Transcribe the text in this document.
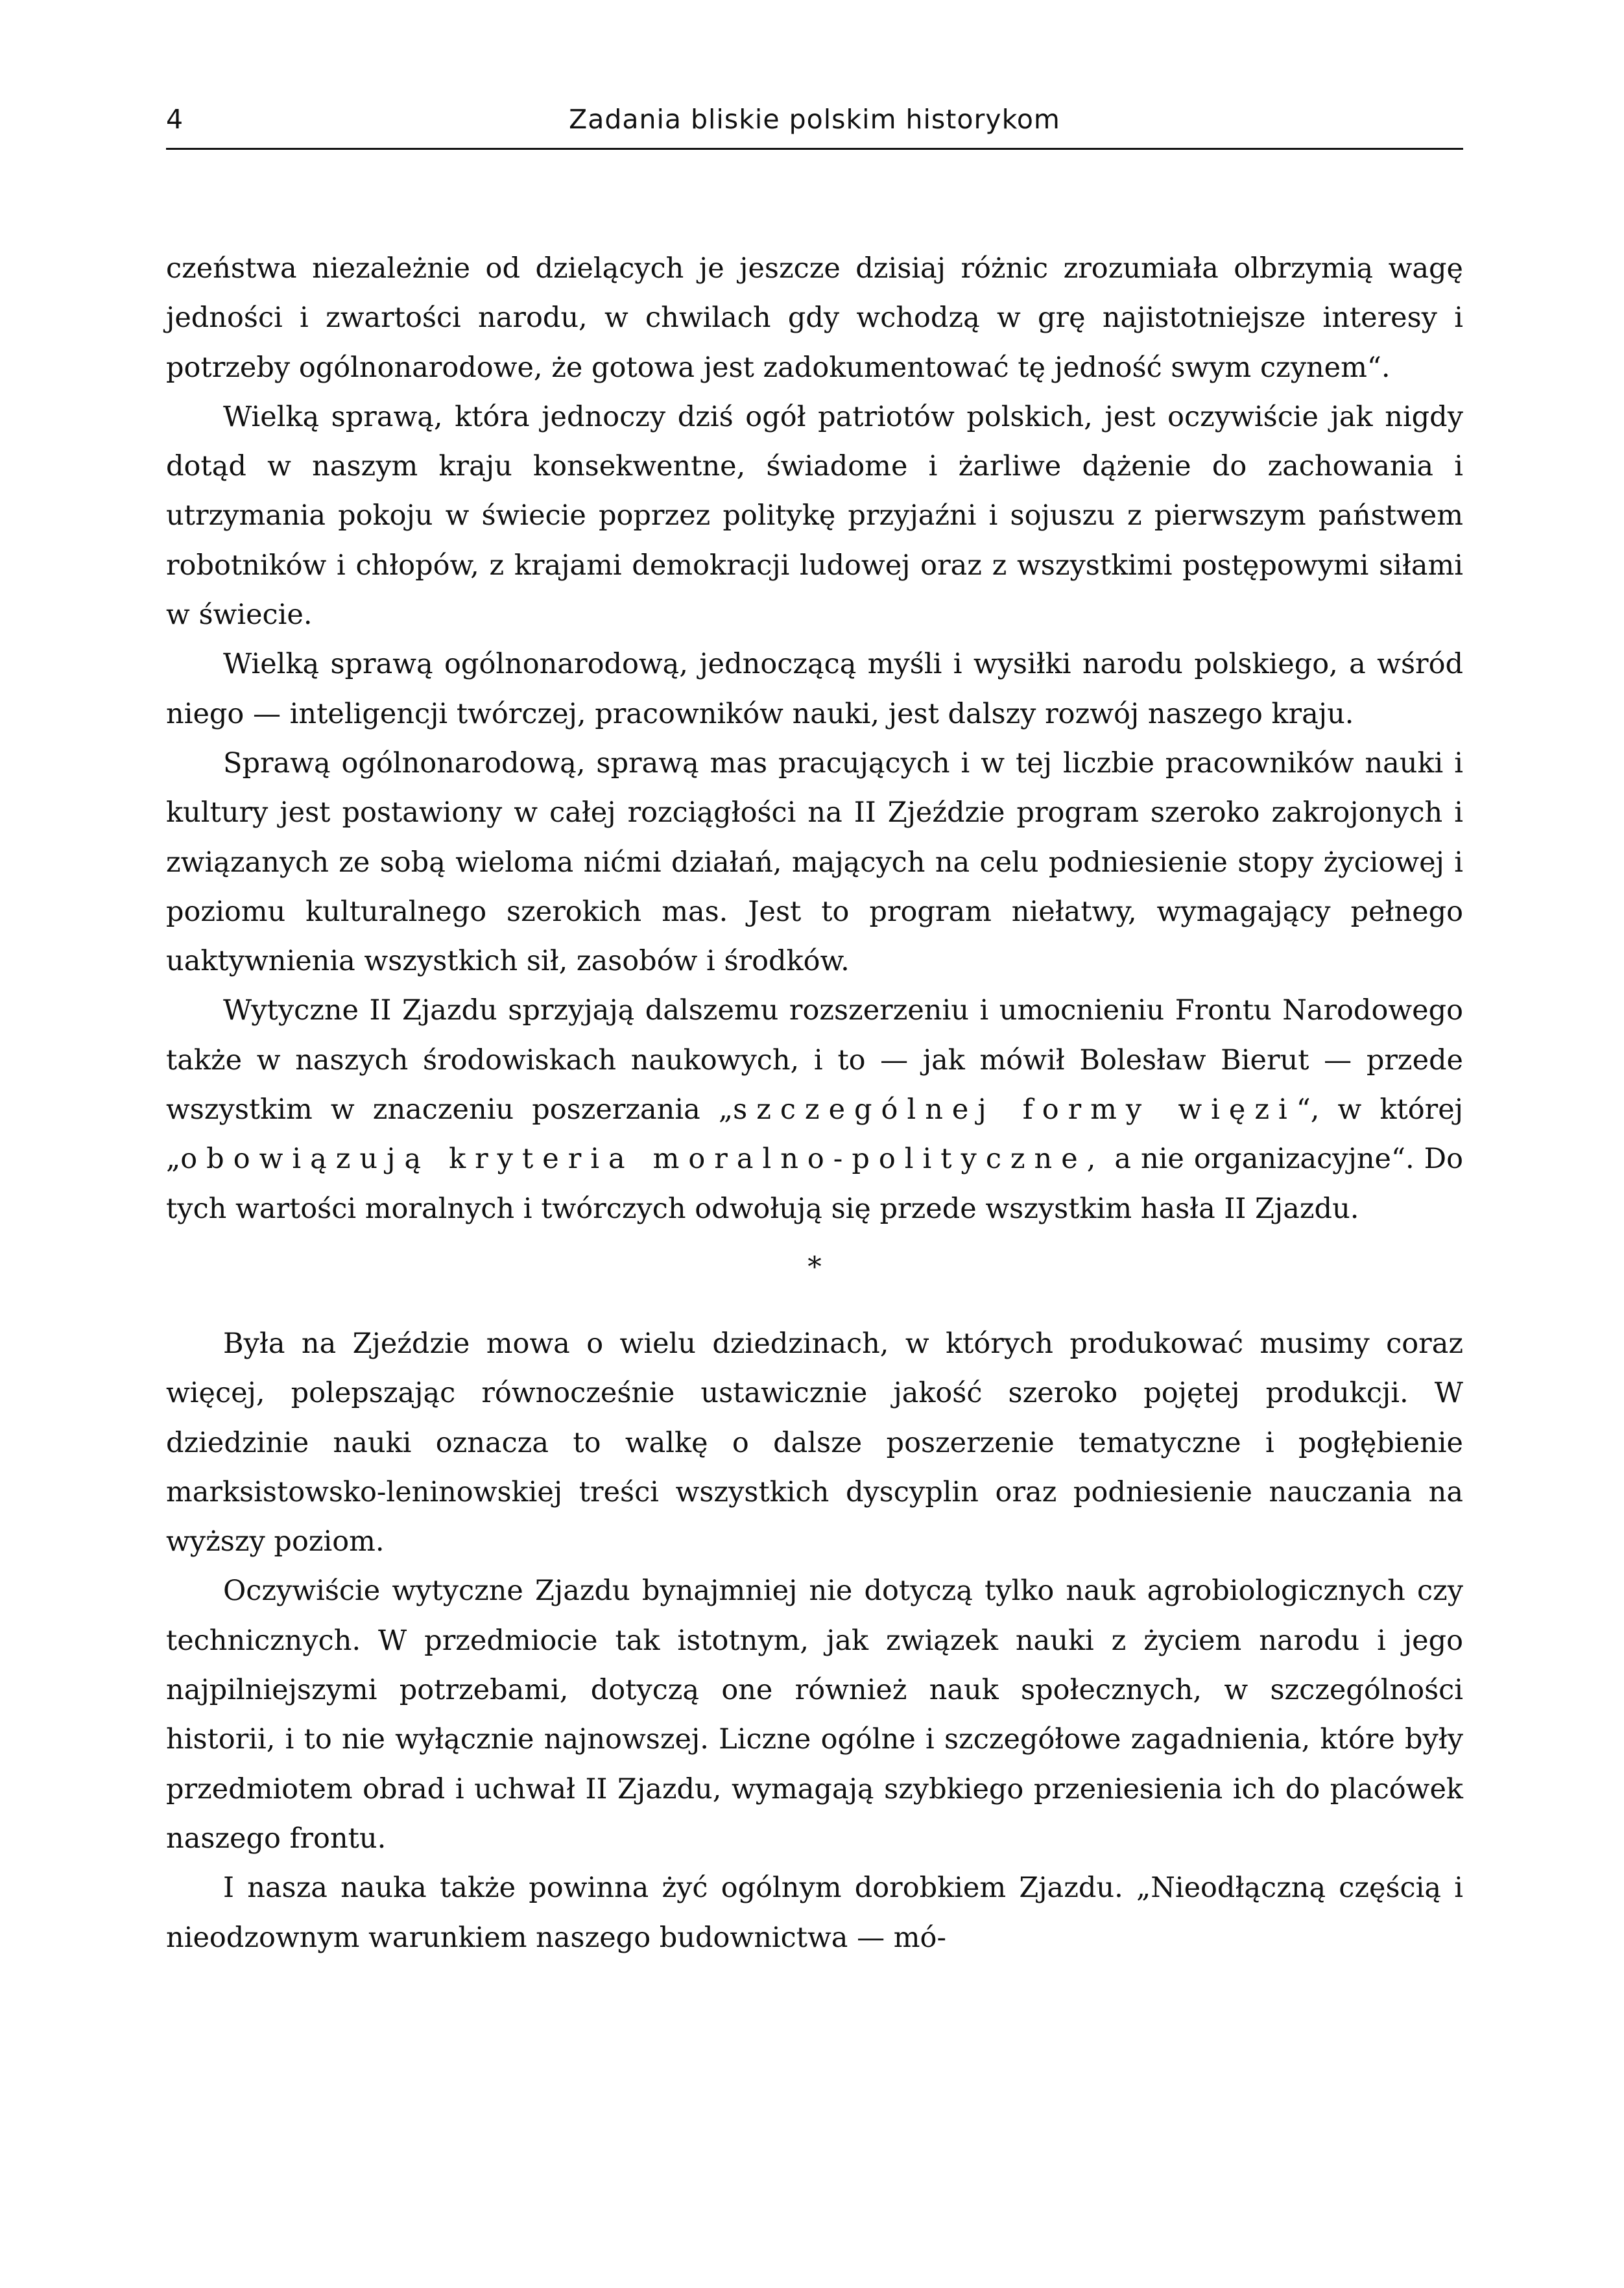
4	Zadania bliskie polskim historykom

czeństwa niezależnie od dzielących je jeszcze dzisiaj różnic zrozumiała olbrzymią wagę jedności i zwartości narodu, w chwilach gdy wchodzą w grę najistotniejsze interesy i potrzeby ogólnonarodowe, że gotowa jest zadokumentować tę jedność swym czynem“.

Wielką sprawą, która jednoczy dziś ogół patriotów polskich, jest oczywiście jak nigdy dotąd w naszym kraju konsekwentne, świadome i żarliwe dążenie do zachowania i utrzymania pokoju w świecie poprzez politykę przyjaźni i sojuszu z pierwszym państwem robotników i chłopów, z krajami demokracji ludowej oraz z wszystkimi postępowymi siłami w świecie.

Wielką sprawą ogólnonarodową, jednoczącą myśli i wysiłki narodu polskiego, a wśród niego — inteligencji twórczej, pracowników nauki, jest dalszy rozwój naszego kraju.

Sprawą ogólnonarodową, sprawą mas pracujących i w tej liczbie pracowników nauki i kultury jest postawiony w całej rozciągłości na II Zjeździe program szeroko zakrojonych i związanych ze sobą wieloma nićmi działań, mających na celu podniesienie stopy życiowej i poziomu kulturalnego szerokich mas. Jest to program niełatwy, wymagający pełnego uaktywnienia wszystkich sił, zasobów i środków.

Wytyczne II Zjazdu sprzyjają dalszemu rozszerzeniu i umocnieniu Frontu Narodowego także w naszych środowiskach naukowych, i to — jak mówił Bolesław Bierut — przede wszystkim w znaczeniu poszerzania „szczególnej formy więzi“, w której „obowiązują kryteria moralno-polityczne, a nie organizacyjne“. Do tych wartości moralnych i twórczych odwołują się przede wszystkim hasła II Zjazdu.

*

Była na Zjeździe mowa o wielu dziedzinach, w których produkować musimy coraz więcej, polepszając równocześnie ustawicznie jakość szeroko pojętej produkcji. W dziedzinie nauki oznacza to walkę o dalsze poszerzenie tematyczne i pogłębienie marksistowsko-leninowskiej treści wszystkich dyscyplin oraz podniesienie nauczania na wyższy poziom.

Oczywiście wytyczne Zjazdu bynajmniej nie dotyczą tylko nauk agrobiologicznych czy technicznych. W przedmiocie tak istotnym, jak związek nauki z życiem narodu i jego najpilniejszymi potrzebami, dotyczą one również nauk społecznych, w szczególności historii, i to nie wyłącznie najnowszej. Liczne ogólne i szczegółowe zagadnienia, które były przedmiotem obrad i uchwał II Zjazdu, wymagają szybkiego przeniesienia ich do placówek naszego frontu.

I nasza nauka także powinna żyć ogólnym dorobkiem Zjazdu. „Nieodłączną częścią i nieodzownym warunkiem naszego budownictwa — mó-
